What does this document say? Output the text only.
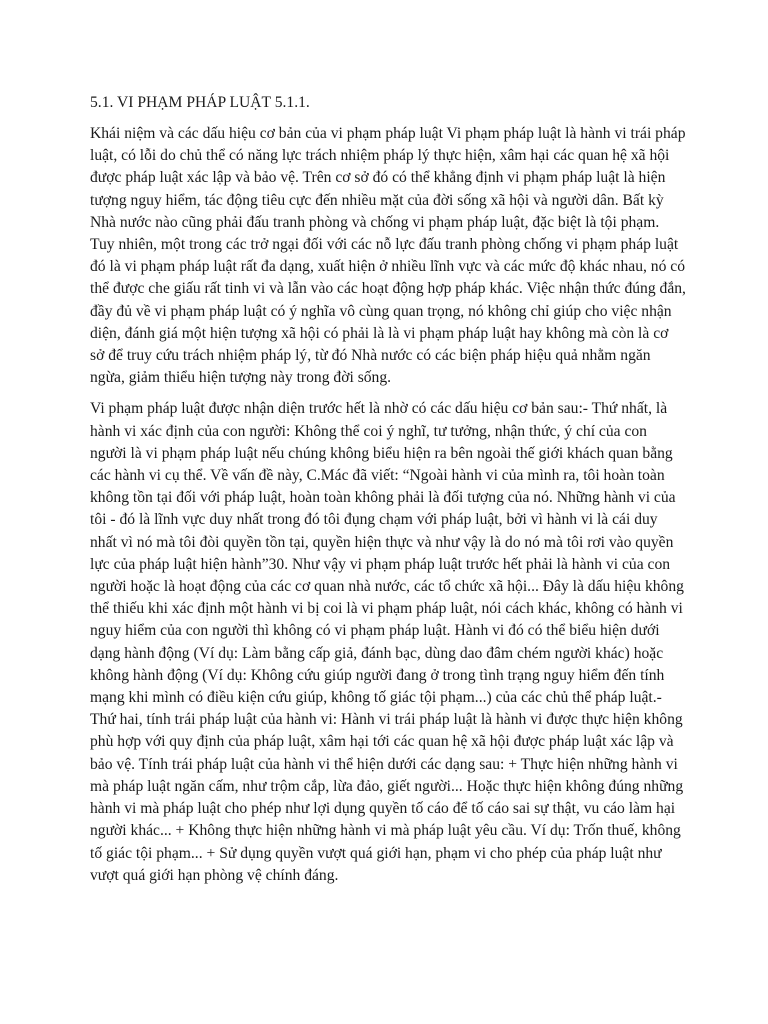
5.1. VI PHẠM PHÁP LUẬT 5.1.1.

Khái niệm và các dấu hiệu cơ bản của vi phạm pháp luật Vi phạm pháp luật là hành vi trái pháp luật, có lỗi do chủ thể có năng lực trách nhiệm pháp lý thực hiện, xâm hại các quan hệ xã hội được pháp luật xác lập và bảo vệ. Trên cơ sở đó có thể khẳng định vi phạm pháp luật là hiện tượng nguy hiểm, tác động tiêu cực đến nhiều mặt của đời sống xã hội và người dân. Bất kỳ Nhà nước nào cũng phải đấu tranh phòng và chống vi phạm pháp luật, đặc biệt là tội phạm. Tuy nhiên, một trong các trở ngại đối với các nỗ lực đấu tranh phòng chống vi phạm pháp luật đó là vi phạm pháp luật rất đa dạng, xuất hiện ở nhiều lĩnh vực và các mức độ khác nhau, nó có thể được che giấu rất tinh vi và lẫn vào các hoạt động hợp pháp khác. Việc nhận thức đúng đắn, đầy đủ về vi phạm pháp luật có ý nghĩa vô cùng quan trọng, nó không chỉ giúp cho việc nhận diện, đánh giá một hiện tượng xã hội có phải là là vi phạm pháp luật hay không mà còn là cơ sở để truy cứu trách nhiệm pháp lý, từ đó Nhà nước có các biện pháp hiệu quả nhằm ngăn ngừa, giảm thiểu hiện tượng này trong đời sống.

Vi phạm pháp luật được nhận diện trước hết là nhờ có các dấu hiệu cơ bản sau:- Thứ nhất, là hành vi xác định của con người: Không thể coi ý nghĩ, tư tưởng, nhận thức, ý chí của con người là vi phạm pháp luật nếu chúng không biểu hiện ra bên ngoài thế giới khách quan bằng các hành vi cụ thể. Về vấn đề này, C.Mác đã viết: “Ngoài hành vi của mình ra, tôi hoàn toàn không tồn tại đối với pháp luật, hoàn toàn không phải là đối tượng của nó. Những hành vi của tôi - đó là lĩnh vực duy nhất trong đó tôi đụng chạm với pháp luật, bởi vì hành vi là cái duy nhất vì nó mà tôi đòi quyền tồn tại, quyền hiện thực và như vậy là do nó mà tôi rơi vào quyền lực của pháp luật hiện hành”30. Như vậy vi phạm pháp luật trước hết phải là hành vi của con người hoặc là hoạt động của các cơ quan nhà nước, các tổ chức xã hội... Đây là dấu hiệu không thể thiếu khi xác định một hành vi bị coi là vi phạm pháp luật, nói cách khác, không có hành vi nguy hiểm của con người thì không có vi phạm pháp luật. Hành vi đó có thể biểu hiện dưới dạng hành động (Ví dụ: Làm bằng cấp giả, đánh bạc, dùng dao đâm chém người khác) hoặc không hành động (Ví dụ: Không cứu giúp người đang ở trong tình trạng nguy hiểm đến tính mạng khi mình có điều kiện cứu giúp, không tố giác tội phạm...) của các chủ thể pháp luật.- Thứ hai, tính trái pháp luật của hành vi: Hành vi trái pháp luật là hành vi được thực hiện không phù hợp với quy định của pháp luật, xâm hại tới các quan hệ xã hội được pháp luật xác lập và bảo vệ. Tính trái pháp luật của hành vi thể hiện dưới các dạng sau: + Thực hiện những hành vi mà pháp luật ngăn cấm, như trộm cắp, lừa đảo, giết người... Hoặc thực hiện không đúng những hành vi mà pháp luật cho phép như lợi dụng quyền tố cáo để tố cáo sai sự thật, vu cáo làm hại người khác... + Không thực hiện những hành vi mà pháp luật yêu cầu. Ví dụ: Trốn thuế, không tố giác tội phạm... + Sử dụng quyền vượt quá giới hạn, phạm vi cho phép của pháp luật như vượt quá giới hạn phòng vệ chính đáng.
